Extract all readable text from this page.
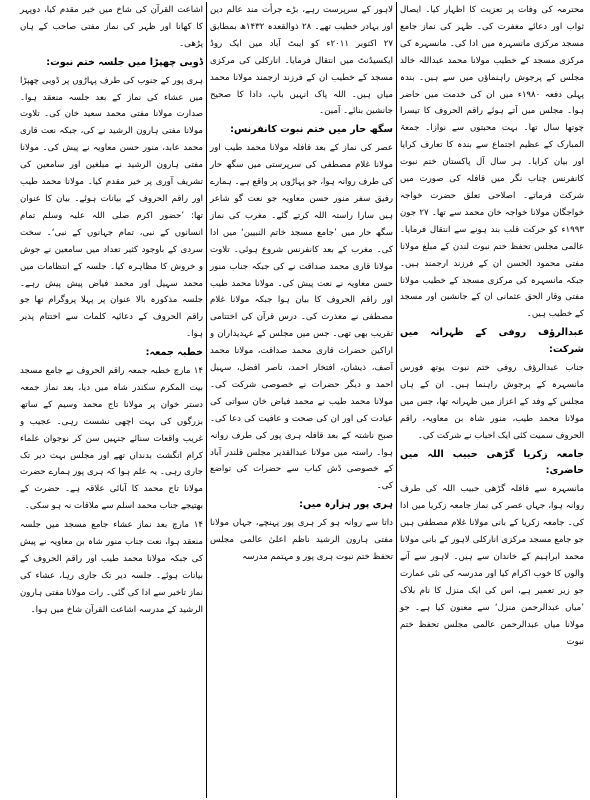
محترمہ کی وفات پر تعزیت کا اظہار کیا۔ ایصال ثواب اور دعائے مغفرت کی۔ ظہر کی نماز جامع مسجد مرکزی مانسہرہ میں ادا کی۔ مانسہرہ کی مرکزی مسجد کے خطیب مولانا محمد عبداللہ خالد مجلس کے پرجوش راہنماؤں میں سے ہیں۔ بندہ پہلی دفعہ ۱۹۸۰ء میں ان کی خدمت میں حاضر ہوا۔ مجلس میں آتے ہوئے راقم الحروف کا تیسرا چوتھا سال تھا۔ بہت محبتوں سے نوازا۔ جمعۃ المبارک کے عظیم اجتماع سے بندہ کا تعارف کرایا اور بیان کرایا۔ ہر سال آل پاکستان ختم نبوت کانفرنس چناب نگر میں قافلہ کی صورت میں شرکت فرماتے۔ اصلاحی تعلق حضرت خواجہ خواجگان مولانا خواجہ خان محمد سے تھا۔ ۲۷ جون ۱۹۹۳ء کو حرکت قلب بند ہونے سے انتقال فرمایا۔ عالمی مجلس تحفظ ختم نبوت لندن کے مبلغ مولانا مفتی محمود الحسن ان کے فرزند ارجمند ہیں۔ جبکہ مانسہرہ کی مرکزی مسجد کے خطیب مولانا مفتی وقار الحق عثمانی ان کے جانشین اور مسجد کے خطیب ہیں۔

عبدالرؤف روفی کے ظہرانہ میں شرکت:

جناب عبدالرؤف روفی ختم نبوت یوتھ فورس مانسہرہ کے پرجوش راہنما ہیں۔ ان کے ہاں مجلس کے وفد کے اعزاز میں ظہرانہ تھا، جس میں مولانا محمد طیب، منور شاہ بن معاویہ، راقم الحروف سمیت کئی ایک احباب نے شرکت کی۔

جامعہ زکریا گڑھی حبیب اللہ میں حاضری:

مانسہرہ سے قافلہ گڑھی حبیب اللہ کی طرف روانہ ہوا، جہاں عصر کی نماز جامعہ زکریا میں ادا کی۔ جامعہ زکریا کے بانی مولانا غلام مصطفی ہیں جو جامع مسجد مرکزی انارکلی لاہور کے بانی مولانا محمد ابراہیم کے خاندان سے ہیں۔ لاہور سے آنے والوں کا خوب اکرام کیا اور مدرسہ کی نئی عمارت جو زیر تعمیر ہے، اس کی ایک منزل کا نام بلاک ’میاں عبدالرحمن منزل‘ سے معنون کیا ہے۔ جو مولانا میاں عبدالرحمن عالمی مجلس تحفظ ختم نبوت

لاہور کے سرپرست رہے، بڑے جرأت مند عالم دین اور بہادر خطیب تھے۔ ۲۸ ذوالقعدہ ۱۴۳۲ھ بمطابق ۲۷ اکتوبر ۲۰۱۱ء کو ایبٹ آباد میں ایک روڈ ایکسیڈنٹ میں انتقال فرمایا۔ انارکلی کی مرکزی مسجد کے خطیب ان کے فرزند ارجمند مولانا محمد میاں ہیں۔ اللہ پاک انہیں باپ، دادا کا صحیح جانشین بنائے۔ آمین۔

سگھ حار میں ختم نبوت کانفرنس:

عصر کی نماز کے بعد قافلہ مولانا محمد طیب اور مولانا غلام مصطفی کی سرپرستی میں سگھ حار کی طرف روانہ ہوا، جو پہاڑوں پر واقع ہے۔ ہمارے رفیق سفر منور حسن معاویہ جو نعت گو شاعر ہیں سارا راستہ اللہ کرتے گئے۔ مغرب کی نماز سگھ حار میں ’جامع مسجد خاتم النبیین‘ میں ادا کی۔ مغرب کے بعد کانفرنس شروع ہوئی۔ تلاوت مولانا قاری محمد صداقت نے کی جبکہ جناب منور حسن معاویہ نے نعت پیش کی۔ مولانا محمد طیب اور راقم الحروف کا بیان ہوا جبکہ مولانا غلام مصطفی نے معذرت کی۔ درس قرآن کی اختتامی تقریب بھی تھی۔ جس میں مجلس کے عہدیداران و اراکین حضرات قاری محمد صداقت، مولانا محمد آصف، ذیشان، افتخار احمد، ناصر افضل، سہیل احمد و دیگر حضرات نے خصوصی شرکت کی۔ مولانا محمد طیب نے محمد فیاض خان سواتی کی عیادت کی اور ان کی صحت و عافیت کی دعا کی۔ صبح ناشتہ کے بعد قافلہ ہری پور کی طرف روانہ ہوا۔ راستہ میں مولانا عبدالقدیر مجلس قلندر آباد کے خصوصی ڈش کباب سے حضرات کی تواضع کی۔

ہری پور ہزارہ میں:

داتا سے روانہ ہو کر ہری پور پہنچے، جہاں مولانا مفتی ہارون الرشید ناظم اعلیٰ عالمی مجلس تحفظ ختم نبوت ہری پور و مہتمم مدرسہ

اشاعت القرآن کی شاخ میں خیر مقدم کیا، دوپہر کا کھانا اور ظہر کی نماز مفتی صاحب کے ہاں پڑھی۔

ڈوبی چھپڑا میں جلسہ ختم نبوت:

ہری پور کے جنوب کی طرف پہاڑوں پر ڈوبی چھپڑا میں عشاء کی نماز کے بعد جلسہ منعقد ہوا۔ صدارت مولانا مفتی محمد سعید خان کی۔ تلاوت مولانا مفتی ہارون الرشید نے کی، جبکہ نعت قاری محمد عابد، منور حسن معاویہ نے پیش کی۔ مولانا مفتی ہارون الرشید نے مبلغین اور سامعین کی تشریف آوری پر خیر مقدم کیا۔ مولانا محمد طیب اور راقم الحروف کے بیانات ہوئے۔ بیان کا عنوان تھا: ’حضور اکرم صلی اللہ علیہ وسلم تمام انسانوں کے نبی، تمام جہانوں کے نبی‘۔ سخت سردی کے باوجود کثیر تعداد میں سامعین نے جوش و خروش کا مظاہرہ کیا۔ جلسہ کے انتظامات میں محمد سہیل اور محمد فیاض پیش پیش رہے۔ جلسہ مذکورہ بالا عنوان پر پہلا پروگرام تھا جو راقم الحروف کے دعائیہ کلمات سے اختتام پذیر ہوا۔

خطبہ جمعہ:

۱۴ مارچ خطبہ جمعہ راقم الحروف نے جامع مسجد بیت المکرم سکندر شاہ میں دیا، بعد نماز جمعہ دستر خوان پر مولانا تاج محمد وسیم کے ساتھ بزرگوں کی بہت اچھی نشست رہی۔ عجیب و غریب واقعات سنائے جنہیں سن کر نوجوان علماء کرام انگشت بدنداں تھے اور مجلس بہت دیر تک جاری رہی۔ یہ علم ہوا کہ ہری پور ہمارے حضرت مولانا تاج محمد کا آبائی علاقہ ہے۔ حضرت کے بھتیجے جناب محمد اسلم سے ملاقات نہ ہو سکی۔

۱۴ مارچ بعد نماز عشاء جامع مسجد میں جلسہ منعقد ہوا، نعت جناب منور شاہ بن معاویہ نے پیش کی جبکہ مولانا محمد طیب اور راقم الحروف کے بیانات ہوئے۔ جلسہ دیر تک جاری رہا، عشاء کی نماز تاخیر سے ادا کی گئی۔ رات مولانا مفتی ہارون الرشید کے مدرسہ اشاعت القرآن شاخ میں ہوا۔
